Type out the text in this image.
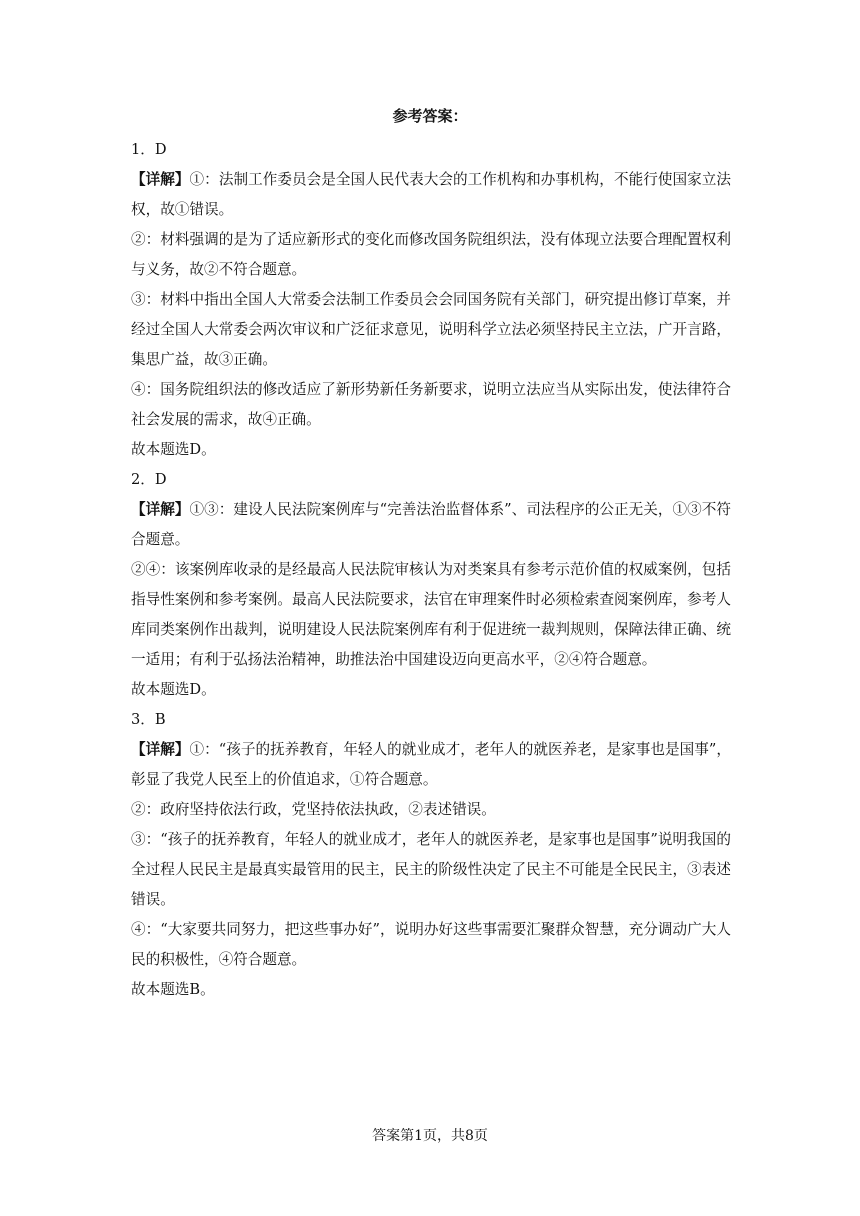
参考答案：

1．D

【详解】①：法制工作委员会是全国人民代表大会的工作机构和办事机构，不能行使国家立法权，故①错误。

②：材料强调的是为了适应新形式的变化而修改国务院组织法，没有体现立法要合理配置权利与义务，故②不符合题意。

③：材料中指出全国人大常委会法制工作委员会会同国务院有关部门，研究提出修订草案，并经过全国人大常委会两次审议和广泛征求意见，说明科学立法必须坚持民主立法，广开言路，集思广益，故③正确。

④：国务院组织法的修改适应了新形势新任务新要求，说明立法应当从实际出发，使法律符合社会发展的需求，故④正确。

故本题选D。

2．D

【详解】①③：建设人民法院案例库与“完善法治监督体系”、司法程序的公正无关，①③不符合题意。

②④：该案例库收录的是经最高人民法院审核认为对类案具有参考示范价值的权威案例，包括指导性案例和参考案例。最高人民法院要求，法官在审理案件时必须检索查阅案例库，参考人库同类案例作出裁判，说明建设人民法院案例库有利于促进统一裁判规则，保障法律正确、统一适用；有利于弘扬法治精神，助推法治中国建设迈向更高水平，②④符合题意。

故本题选D。

3．B

【详解】①：“孩子的抚养教育，年轻人的就业成才，老年人的就医养老，是家事也是国事”，彰显了我党人民至上的价值追求，①符合题意。

②：政府坚持依法行政，党坚持依法执政，②表述错误。

③：“孩子的抚养教育，年轻人的就业成才，老年人的就医养老，是家事也是国事”说明我国的全过程人民民主是最真实最管用的民主，民主的阶级性决定了民主不可能是全民民主，③表述错误。

④：“大家要共同努力，把这些事办好”，说明办好这些事需要汇聚群众智慧，充分调动广大人民的积极性，④符合题意。

故本题选B。

答案第1页，共8页
